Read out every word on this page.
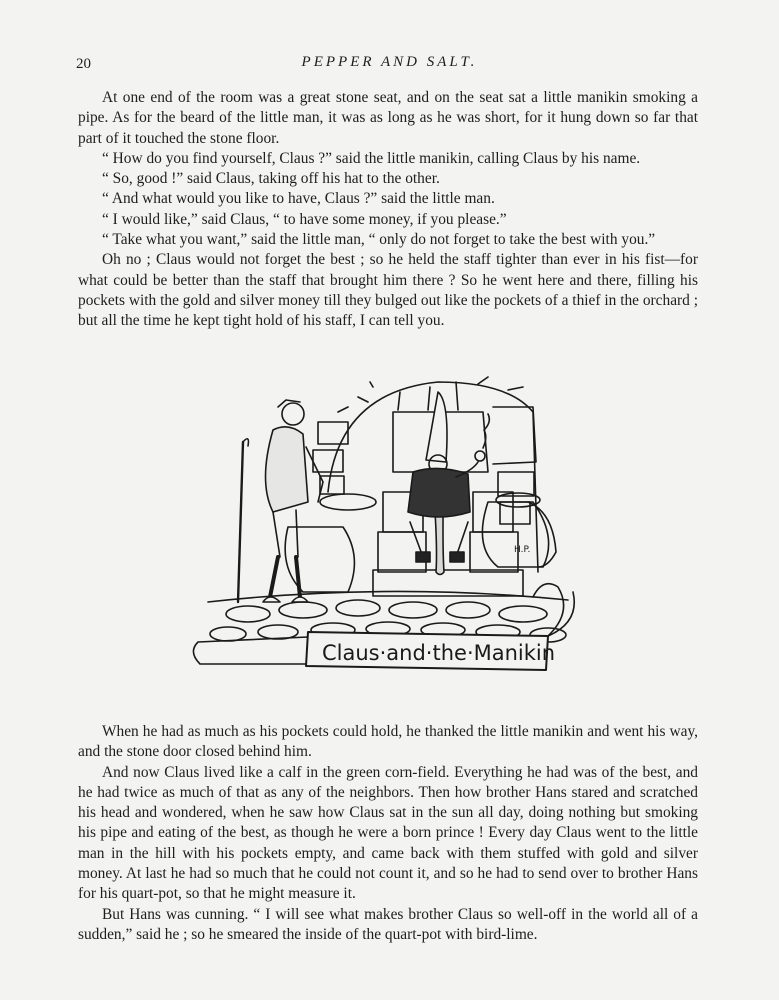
20	PEPPER AND SALT.

At one end of the room was a great stone seat, and on the seat sat a little manikin smoking a pipe. As for the beard of the little man, it was as long as he was short, for it hung down so far that part of it touched the stone floor.

“ How do you find yourself, Claus ?” said the little manikin, calling Claus by his name.

“ So, good !” said Claus, taking off his hat to the other.

“ And what would you like to have, Claus ?” said the little man.

“ I would like,” said Claus, “ to have some money, if you please.”

“ Take what you want,” said the little man, “ only do not forget to take the best with you.”

Oh no ; Claus would not forget the best ; so he held the staff tighter than ever in his fist—for what could be better than the staff that brought him there ? So he went here and there, filling his pockets with the gold and silver money till they bulged out like the pockets of a thief in the orchard ; but all the time he kept tight hold of his staff, I can tell you.

H.P.
Claus·and·the·Manikin

When he had as much as his pockets could hold, he thanked the little manikin and went his way, and the stone door closed behind him.

And now Claus lived like a calf in the green corn-field. Everything he had was of the best, and he had twice as much of that as any of the neighbors. Then how brother Hans stared and scratched his head and wondered, when he saw how Claus sat in the sun all day, doing nothing but smoking his pipe and eating of the best, as though he were a born prince ! Every day Claus went to the little man in the hill with his pockets empty, and came back with them stuffed with gold and silver money. At last he had so much that he could not count it, and so he had to send over to brother Hans for his quart-pot, so that he might measure it.

But Hans was cunning. “ I will see what makes brother Claus so well-off in the world all of a sudden,” said he ; so he smeared the inside of the quart-pot with bird-lime.
